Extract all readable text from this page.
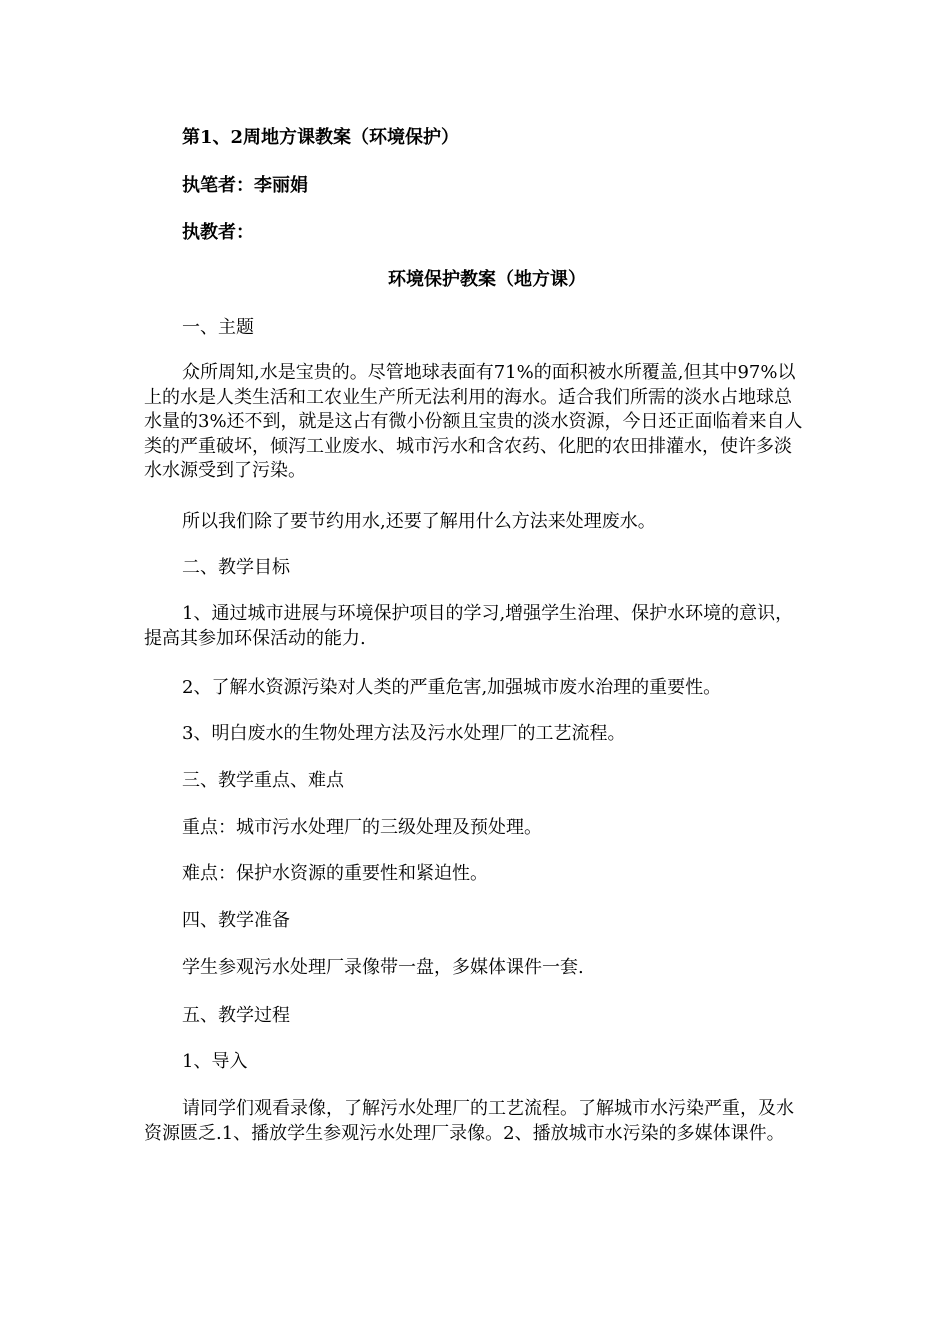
第1、2周地方课教案（环境保护）
执笔者：李丽娟
执教者：
环境保护教案（地方课）
一、主题
众所周知,水是宝贵的。尽管地球表面有71%的面积被水所覆盖,但其中97%以上的水是人类生活和工农业生产所无法利用的海水。适合我们所需的淡水占地球总水量的3%还不到，就是这占有微小份额且宝贵的淡水资源，今日还正面临着来自人类的严重破坏，倾泻工业废水、城市污水和含农药、化肥的农田排灌水，使许多淡水水源受到了污染。
所以我们除了要节约用水,还要了解用什么方法来处理废水。
二、教学目标
1、通过城市进展与环境保护项目的学习,增强学生治理、保护水环境的意识，提高其参加环保活动的能力.
2、了解水资源污染对人类的严重危害,加强城市废水治理的重要性。
3、明白废水的生物处理方法及污水处理厂的工艺流程。
三、教学重点、难点
重点：城市污水处理厂的三级处理及预处理。
难点：保护水资源的重要性和紧迫性。
四、教学准备
学生参观污水处理厂录像带一盘，多媒体课件一套.
五、教学过程
1、导入
请同学们观看录像，了解污水处理厂的工艺流程。了解城市水污染严重，及水资源匮乏.1、播放学生参观污水处理厂录像。2、播放城市水污染的多媒体课件。
